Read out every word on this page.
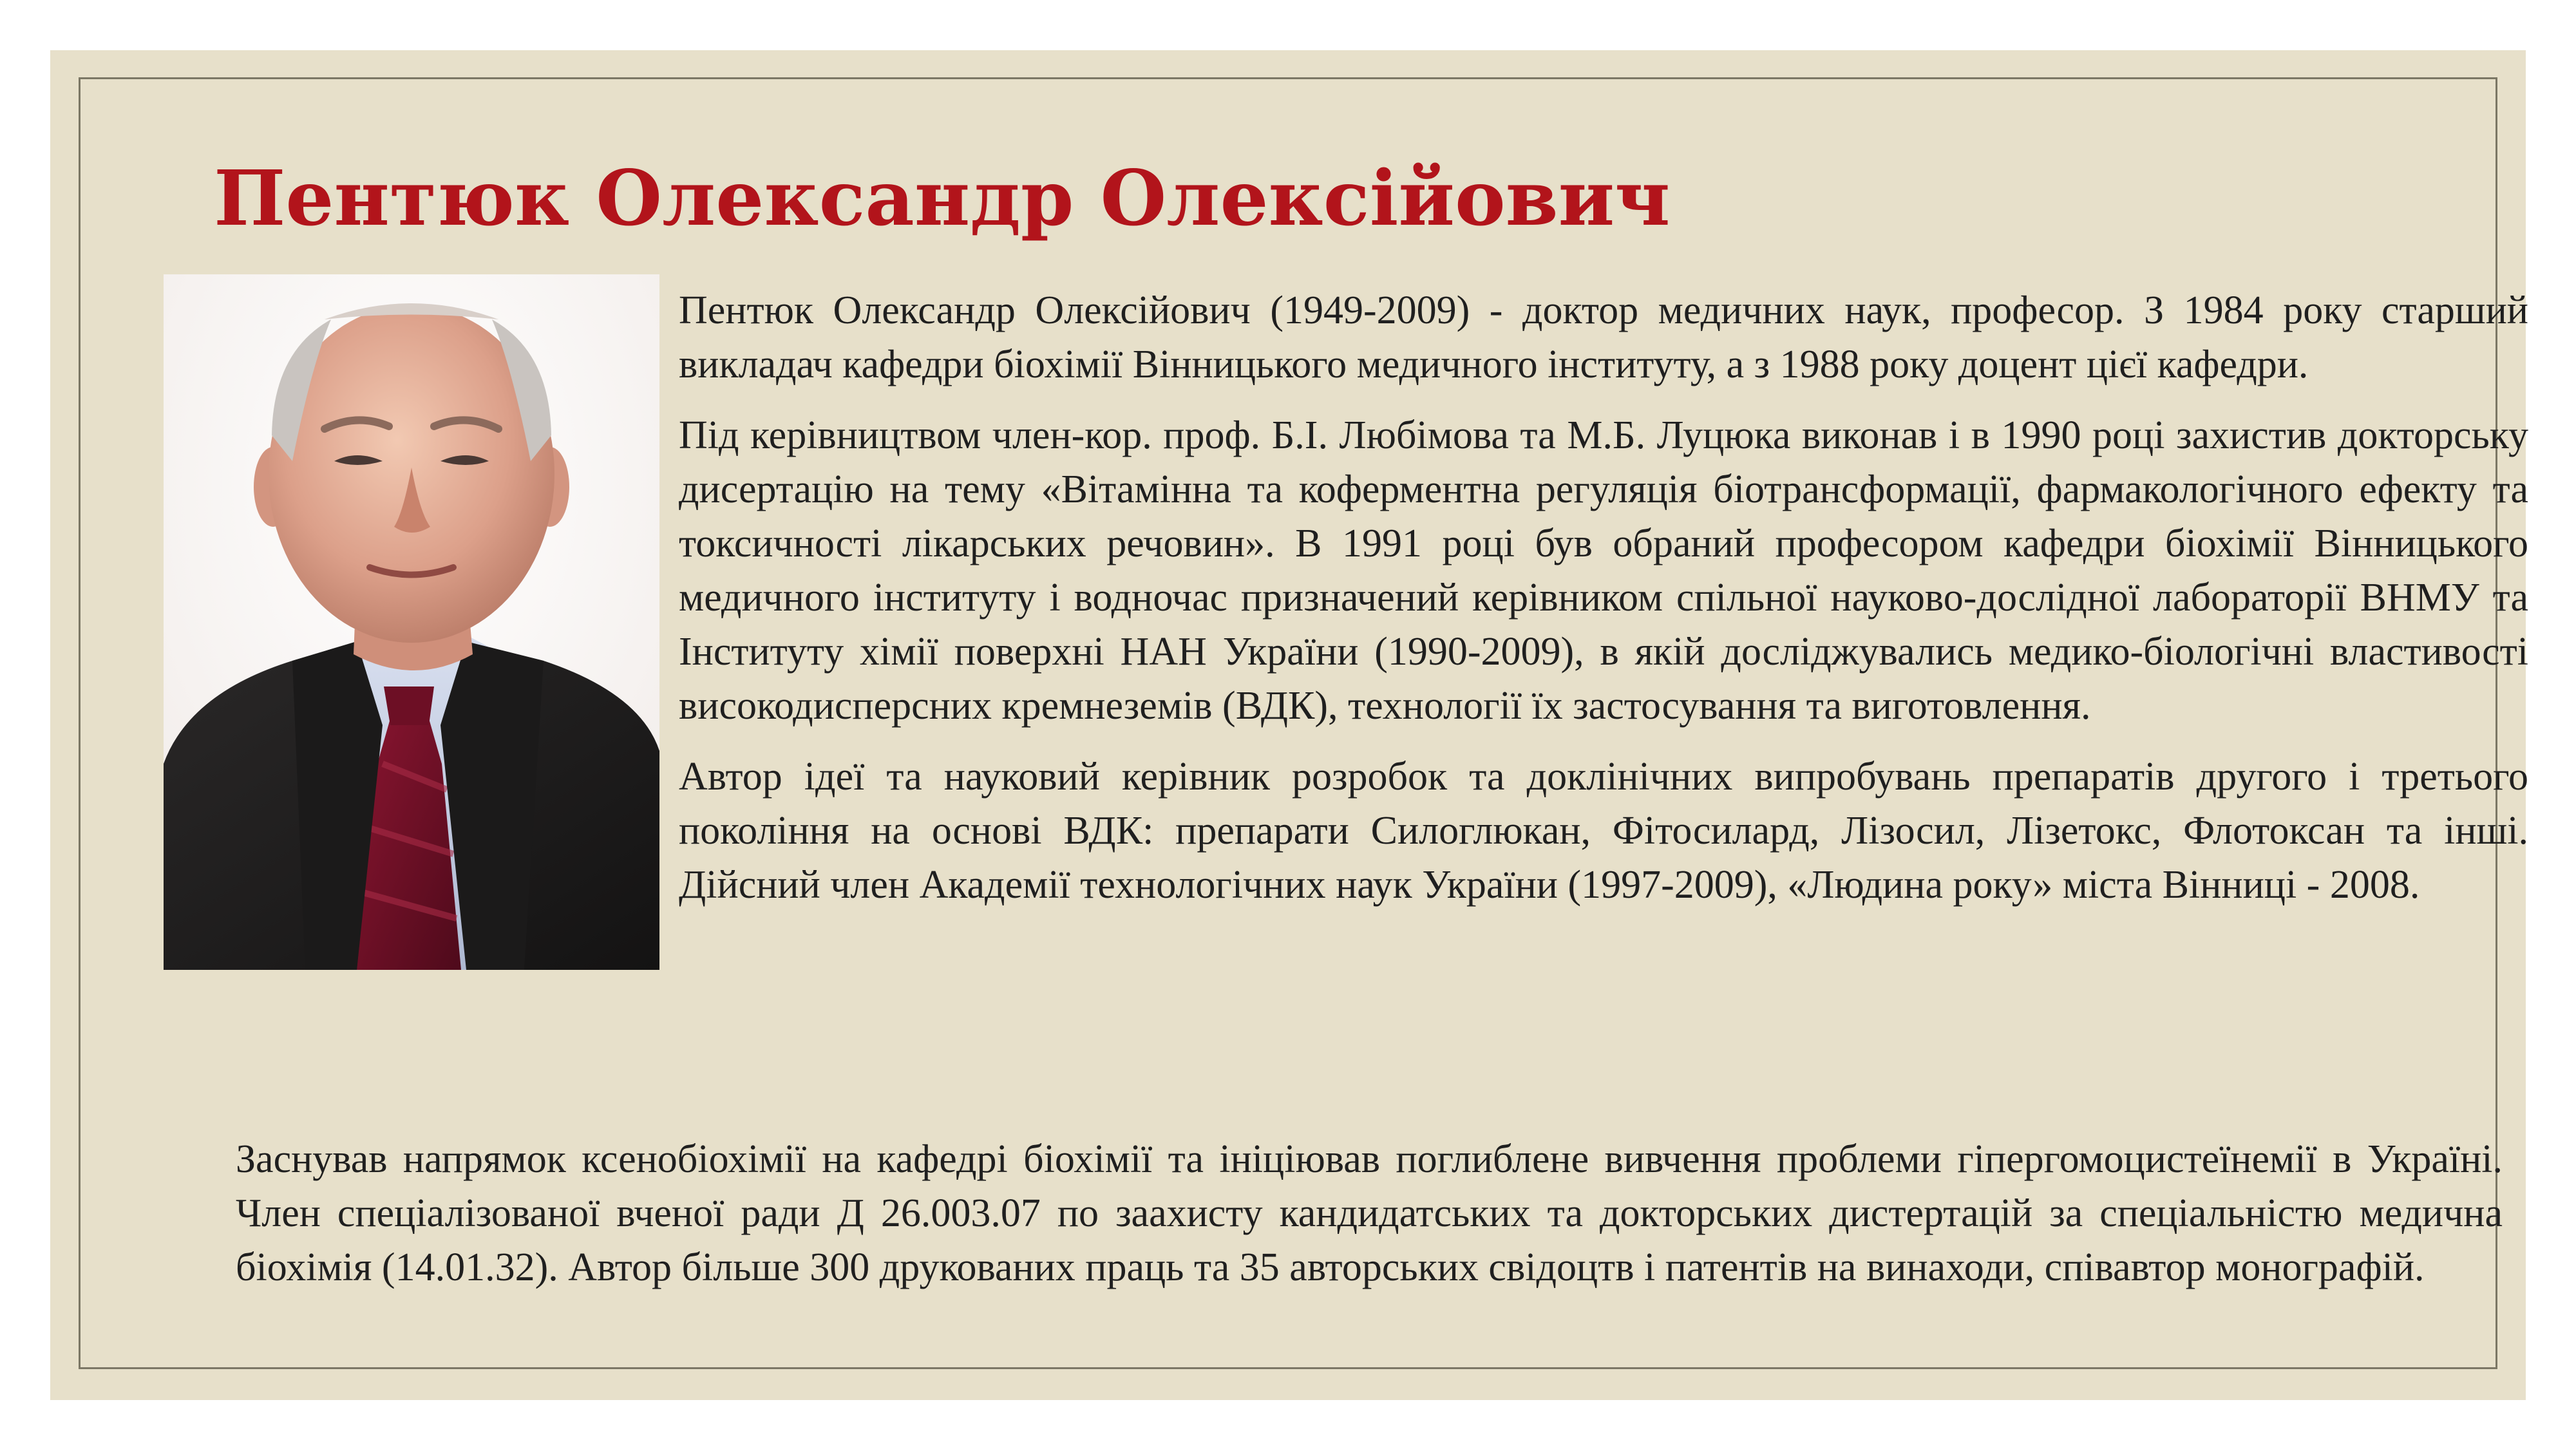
Пентюк Олександр Олексійович

Пентюк Олександр Олексійович (1949-2009) - доктор медичних наук, професор. З 1984 року старший викладач кафедри біохімії Вінницького медичного інституту, а з 1988 року доцент цієї кафедри.

Під керівництвом член-кор. проф. Б.І. Любімова та М.Б. Луцюка виконав і в 1990 році захистив докторську дисертацію на тему «Вітамінна та коферментна регуляція біотрансформації, фармакологічного ефекту та токсичності лікарських речовин». В 1991 році був обраний професором кафедри біохімії Вінницького медичного інституту і водночас призначений керівником спільної науково-дослідної лабораторії ВНМУ та Інституту хімії поверхні НАН України (1990-2009), в якій досліджувались медико-біологічні властивості високодисперсних кремнеземів (ВДК), технології їх застосування та виготовлення.

Автор ідеї та науковий керівник розробок та доклінічних випробувань препаратів другого і третього покоління на основі ВДК: препарати Силоглюкан, Фітосилард, Лізосил, Лізетокс, Флотоксан та інші. Дійсний член Академії технологічних наук України (1997-2009), «Людина року» міста Вінниці - 2008.

Заснував напрямок ксенобіохімії на кафедрі біохімії та ініціював поглиблене вивчення проблеми гіпергомоцистеїнемії в Україні. Член спеціалізованої вченої ради Д 26.003.07 по заахисту кандидатських та докторських дистертацій за спеціальністю медична біохімія (14.01.32). Автор більше 300 друкованих праць та 35 авторських свідоцтв і патентів на винаходи, співавтор монографій.
